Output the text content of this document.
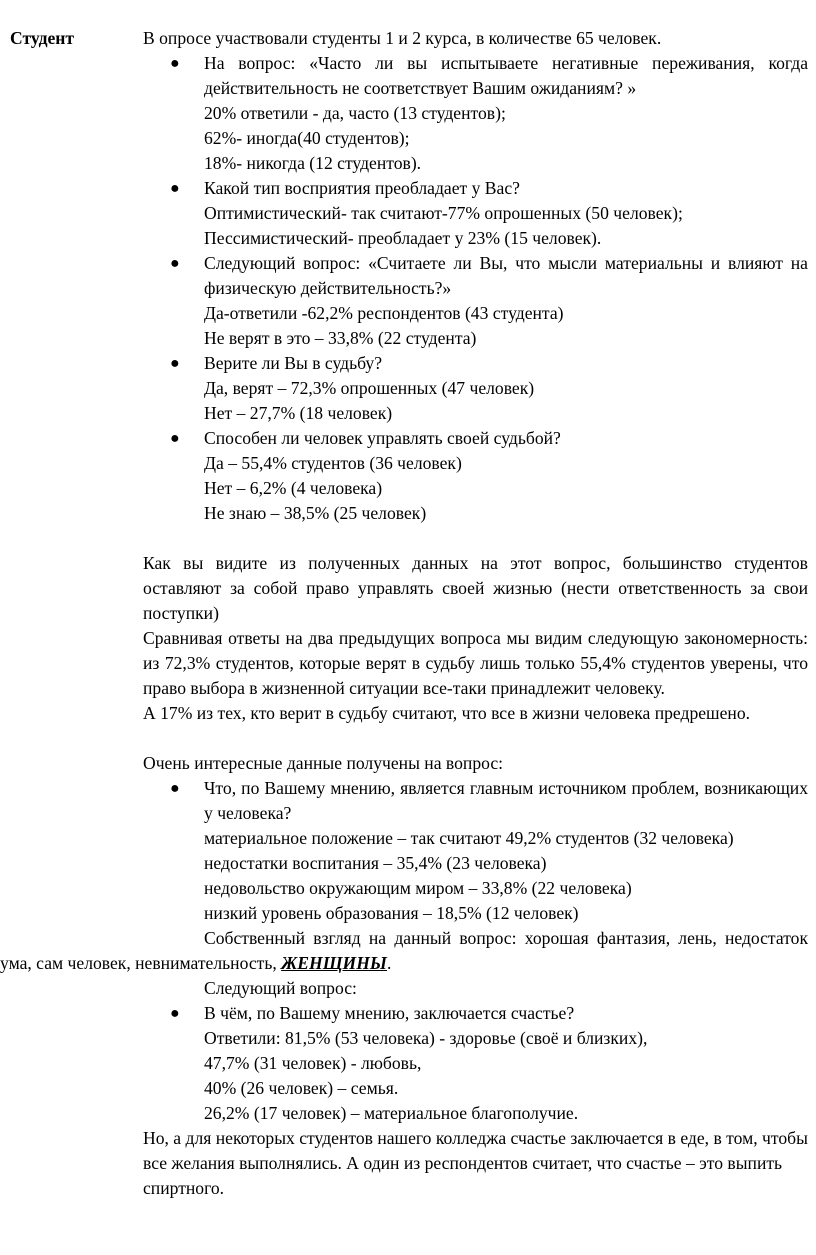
Студент	В опросе участвовали студенты 1 и 2 курса, в количестве 65 человек.

● На вопрос: «Часто ли вы испытываете негативные переживания, когда действительность не соответствует Вашим ожиданиям? »
20% ответили - да, часто (13 студентов);
62%- иногда(40 студентов);
18%- никогда (12 студентов).
● Какой тип восприятия преобладает у Вас?
Оптимистический- так считают-77% опрошенных (50 человек);
Пессимистический- преобладает у 23% (15 человек).
● Следующий вопрос: «Считаете ли Вы, что мысли материальны и влияют на физическую действительность?»
Да-ответили -62,2% респондентов (43 студента)
Не верят в это – 33,8% (22 студента)
● Верите ли Вы в судьбу?
Да, верят – 72,3% опрошенных (47 человек)
Нет – 27,7% (18 человек)
● Способен ли человек управлять своей судьбой?
Да – 55,4% студентов (36 человек)
Нет – 6,2% (4 человека)
Не знаю – 38,5% (25 человек)

Как вы видите из полученных данных на этот вопрос, большинство студентов оставляют за собой право управлять своей жизнью (нести ответственность за свои поступки)

Сравнивая ответы на два предыдущих вопроса мы видим следующую закономерность: из 72,3% студентов, которые верят в судьбу лишь только 55,4% студентов уверены, что право выбора в жизненной ситуации все-таки принадлежит человеку.

А 17% из тех, кто верит в судьбу считают, что все в жизни человека предрешено.

Очень интересные данные получены на вопрос:

● Что, по Вашему мнению, является главным источником проблем, возникающих у человека?
материальное положение – так считают 49,2% студентов (32 человека)
недостатки воспитания – 35,4% (23 человека)
недовольство окружающим миром – 33,8% (22 человека)
низкий уровень образования – 18,5% (12 человек)

Собственный взгляд на данный вопрос: хорошая фантазия, лень, недостаток ума, сам человек, невнимательность, ЖЕНЩИНЫ.

Следующий вопрос:

● В чём, по Вашему мнению, заключается счастье?
Ответили: 81,5% (53 человека) - здоровье (своё и близких),
47,7% (31 человек) - любовь,
40% (26 человек) – семья.
26,2% (17 человек) – материальное благополучие.

Но, а для некоторых студентов нашего колледжа счастье заключается в еде, в том, чтобы все желания выполнялись. А один из респондентов считает, что счастье – это выпить спиртного.
